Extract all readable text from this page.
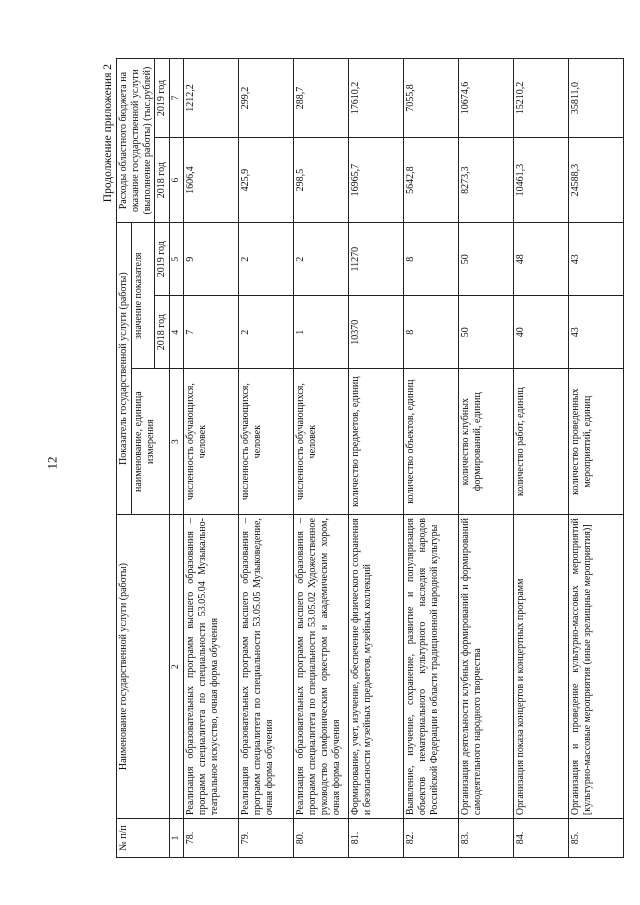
12
Продолжение приложения 2
№ п/п	Наименование государственной услуги (работы)	Показатель государственной услуги (работы)			Расходы областного бюджета на оказание государственной услуги (выполнение работы) (тыс.рублей)	
		наименование, единица измерения	значение показателя			
			2018 год	2019 год	2018 год	2019 год
1	2	3	4	5	6	7
78.	Реализация образовательных программ высшего образования – программ специалитета по специальности 53.05.04 Музыкально-театральное искусство, очная форма обучения	численность обучающихся, человек	7	9	1606,4	1212,2
79.	Реализация образовательных программ высшего образования – программ специалитета по специальности 53.05.05 Музыковедение, очная форма обучения	численность обучающихся, человек	2	2	425,9	299,2
80.	Реализация образовательных программ высшего образования – программ специалитета по специальности 53.05.02 Художественное руководство симфоническим оркестром и академическим хором, очная форма обучения	численность обучающихся, человек	1	2	298,5	288,7
81.	Формирование, учет, изучение, обеспечение физического сохранения и безопасности музейных предметов, музейных коллекций	количество предметов, единиц	10370	11270	16965,7	17610,2
82.	Выявление, изучение, сохранение, развитие и популяризация объектов нематериального культурного наследия народов Российской Федерации в области традиционной народной культуры	количество объектов, единиц	8	8	5642,8	7055,8
83.	Организация деятельности клубных формирований и формирований самодеятельного народного творчества	количество клубных формирований, единиц	50	50	8273,3	10674,6
84.	Организация показа концертов и концертных программ	количество работ, единиц	40	48	10461,3	15210,2
85.	Организация и проведение культурно-массовых мероприятий [культурно-массовые мероприятия (иные зрелищные мероприятия)]	количество проведенных мероприятий, единиц	43	43	24588,3	35811,0
